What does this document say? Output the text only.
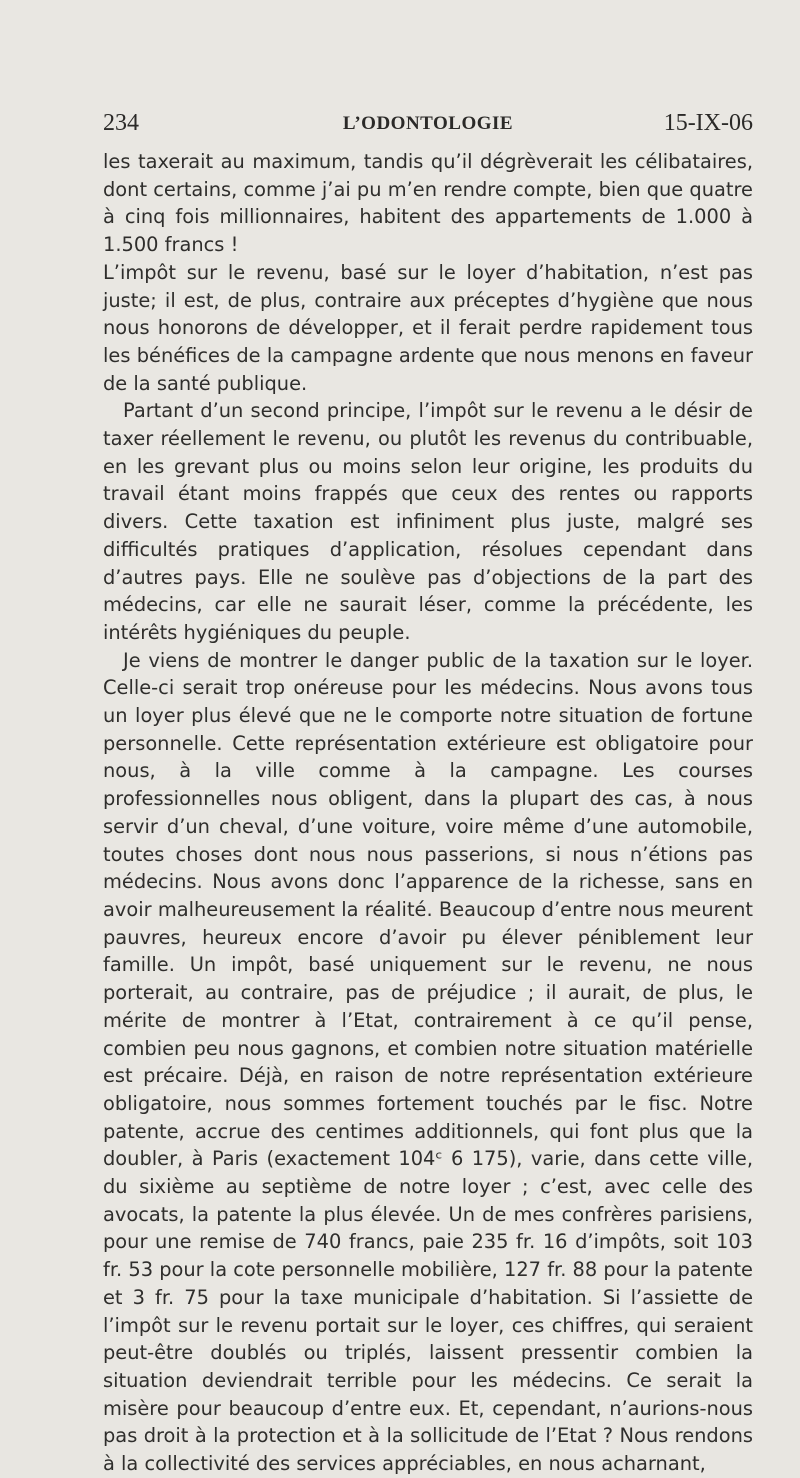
234	L’ODONTOLOGIE	15-IX-06

les taxerait au maximum, tandis qu’il dégrèverait les célibataires, dont certains, comme j’ai pu m’en rendre compte, bien que quatre à cinq fois millionnaires, habitent des appartements de 1.000 à 1.500 francs !

L’impôt sur le revenu, basé sur le loyer d’habitation, n’est pas juste; il est, de plus, contraire aux préceptes d’hygiène que nous nous honorons de développer, et il ferait perdre rapidement tous les bénéfices de la campagne ardente que nous menons en faveur de la santé publique.

Partant d’un second principe, l’impôt sur le revenu a le désir de taxer réellement le revenu, ou plutôt les revenus du contribuable, en les grevant plus ou moins selon leur origine, les produits du travail étant moins frappés que ceux des rentes ou rapports divers. Cette taxation est infiniment plus juste, malgré ses difficultés pratiques d’application, résolues cependant dans d’autres pays. Elle ne soulève pas d’objections de la part des médecins, car elle ne saurait léser, comme la précédente, les intérêts hygiéniques du peuple.

Je viens de montrer le danger public de la taxation sur le loyer. Celle-ci serait trop onéreuse pour les médecins. Nous avons tous un loyer plus élevé que ne le comporte notre situation de fortune personnelle. Cette représentation extérieure est obligatoire pour nous, à la ville comme à la campagne. Les courses professionnelles nous obligent, dans la plupart des cas, à nous servir d’un cheval, d’une voiture, voire même d’une automobile, toutes choses dont nous nous passerions, si nous n’étions pas médecins. Nous avons donc l’apparence de la richesse, sans en avoir malheureusement la réalité. Beaucoup d’entre nous meurent pauvres, heureux encore d’avoir pu élever péniblement leur famille. Un impôt, basé uniquement sur le revenu, ne nous porterait, au contraire, pas de préjudice ; il aurait, de plus, le mérite de montrer à l’Etat, contrairement à ce qu’il pense, combien peu nous gagnons, et combien notre situation matérielle est précaire. Déjà, en raison de notre représentation extérieure obligatoire, nous sommes fortement touchés par le fisc. Notre patente, accrue des centimes additionnels, qui font plus que la doubler, à Paris (exactement 104ᶜ 6 175), varie, dans cette ville, du sixième au septième de notre loyer ; c’est, avec celle des avocats, la patente la plus élevée. Un de mes confrères parisiens, pour une remise de 740 francs, paie 235 fr. 16 d’impôts, soit 103 fr. 53 pour la cote personnelle mobilière, 127 fr. 88 pour la patente et 3 fr. 75 pour la taxe municipale d’habitation. Si l’assiette de l’impôt sur le revenu portait sur le loyer, ces chiffres, qui seraient peut-être doublés ou triplés, laissent pressentir combien la situation deviendrait terrible pour les médecins. Ce serait la misère pour beaucoup d’entre eux. Et, cependant, n’aurions-nous pas droit à la protection et à la sollicitude de l’Etat ? Nous rendons à la collectivité des services appréciables, en nous acharnant,
